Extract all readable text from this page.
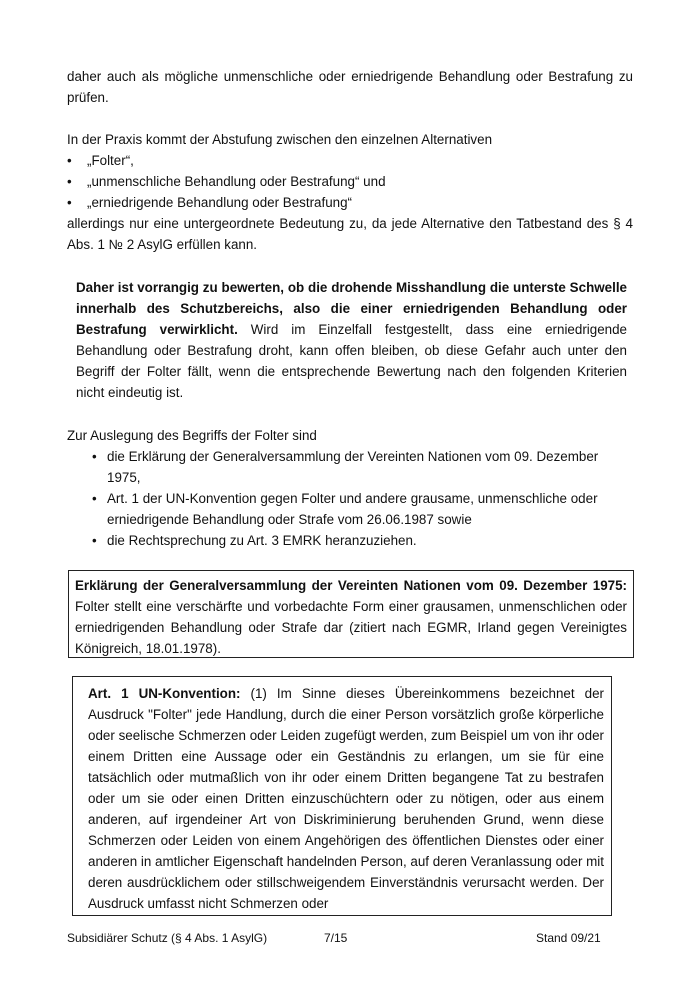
daher auch als mögliche unmenschliche oder erniedrigende Behandlung oder Bestrafung zu prüfen.

In der Praxis kommt der Abstufung zwischen den einzelnen Alternativen

• „Folter“,
• „unmenschliche Behandlung oder Bestrafung“ und
• „erniedrigende Behandlung oder Bestrafung“

allerdings nur eine untergeordnete Bedeutung zu, da jede Alternative den Tatbestand des § 4 Abs. 1 № 2 AsylG erfüllen kann.

Daher ist vorrangig zu bewerten, ob die drohende Misshandlung die unterste Schwelle innerhalb des Schutzbereichs, also die einer erniedrigenden Behandlung oder Bestrafung verwirklicht. Wird im Einzelfall festgestellt, dass eine erniedrigende Behandlung oder Bestrafung droht, kann offen bleiben, ob diese Gefahr auch unter den Begriff der Folter fällt, wenn die entsprechende Bewertung nach den folgenden Kriterien nicht eindeutig ist.

Zur Auslegung des Begriffs der Folter sind

• die Erklärung der Generalversammlung der Vereinten Nationen vom 09. Dezember 1975,
• Art. 1 der UN-Konvention gegen Folter und andere grausame, unmenschliche oder erniedrigende Behandlung oder Strafe vom 26.06.1987 sowie
• die Rechtsprechung zu Art. 3 EMRK heranzuziehen.

Erklärung der Generalversammlung der Vereinten Nationen vom 09. Dezember 1975: Folter stellt eine verschärfte und vorbedachte Form einer grausamen, unmenschlichen oder erniedrigenden Behandlung oder Strafe dar (zitiert nach EGMR, Irland gegen Vereinigtes Königreich, 18.01.1978).

Art. 1 UN-Konvention: (1) Im Sinne dieses Übereinkommens bezeichnet der Ausdruck "Folter" jede Handlung, durch die einer Person vorsätzlich große körperliche oder seelische Schmerzen oder Leiden zugefügt werden, zum Beispiel um von ihr oder einem Dritten eine Aussage oder ein Geständnis zu erlangen, um sie für eine tatsächlich oder mutmaßlich von ihr oder einem Dritten begangene Tat zu bestrafen oder um sie oder einen Dritten einzuschüchtern oder zu nötigen, oder aus einem anderen, auf irgendeiner Art von Diskriminierung beruhenden Grund, wenn diese Schmerzen oder Leiden von einem Angehörigen des öffentlichen Dienstes oder einer anderen in amtlicher Eigenschaft handelnden Person, auf deren Veranlassung oder mit deren ausdrücklichem oder stillschweigendem Einverständnis verursacht werden. Der Ausdruck umfasst nicht Schmerzen oder

Subsidiärer Schutz (§ 4 Abs. 1 AsylG)	7/15	Stand 09/21
